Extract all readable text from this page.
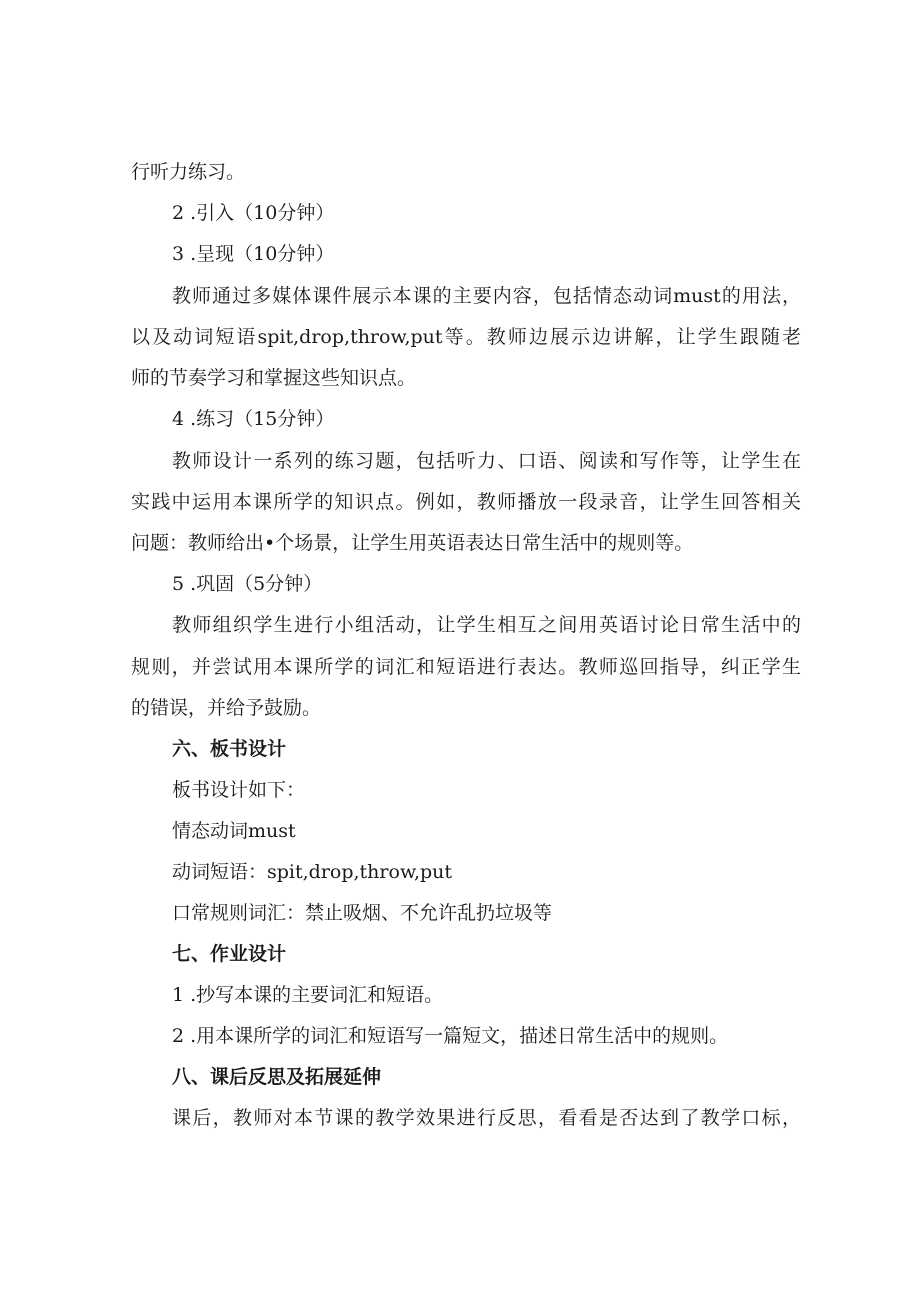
行听力练习。
2 .引入（10分钟）
3 .呈现（10分钟）
教师通过多媒体课件展示本课的主要内容，包括情态动词must的用法，
以及动词短语spit,drop,throw,put等。教师边展示边讲解，让学生跟随老
师的节奏学习和掌握这些知识点。
4 .练习（15分钟）
教师设计一系列的练习题，包括听力、口语、阅读和写作等，让学生在
实践中运用本课所学的知识点。例如，教师播放一段录音，让学生回答相关
问题：教师给出•个场景，让学生用英语表达日常生活中的规则等。
5 .巩固（5分钟）
教师组织学生进行小组活动，让学生相互之间用英语讨论日常生活中的
规则，并尝试用本课所学的词汇和短语进行表达。教师巡回指导，纠正学生
的错误，并给予鼓励。
六、板书设计
板书设计如下：
情态动词must
动词短语：spit,drop,throw,put
口常规则词汇：禁止吸烟、不允许乱扔垃圾等
七、作业设计
1 .抄写本课的主要词汇和短语。
2 .用本课所学的词汇和短语写一篇短文，描述日常生活中的规则。
八、课后反思及拓展延伸
课后，教师对本节课的教学效果进行反思，看看是否达到了教学口标，
